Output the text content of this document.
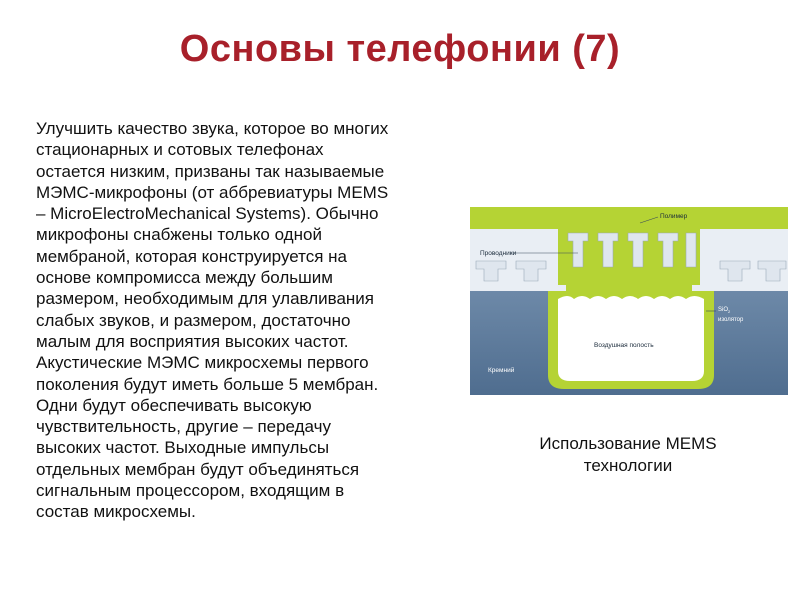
Основы телефонии (7)
Улучшить качество звука, которое во многих
стационарных и сотовых телефонах
остается низким, призваны так называемые
МЭМС-микрофоны (от аббревиатуры MEMS
– MicroElectroMechanical Systems). Обычно
микрофоны снабжены только одной
мембраной, которая конструируется на
основе компромисса между большим
размером, необходимым для улавливания
слабых звуков, и размером, достаточно
малым для восприятия высоких частот.
Акустические МЭМС микросхемы первого
поколения будут иметь больше 5 мембран.
Одни будут обеспечивать высокую
чувствительность, другие – передачу
высоких частот. Выходные импульсы
отдельных мембран будут объединяться
сигнальным процессором, входящим в
состав микросхемы.
Проводники
Полимер
SiO$_2$
изолятор
Воздушная полость
Кремний
Использование MEMS
технологии
